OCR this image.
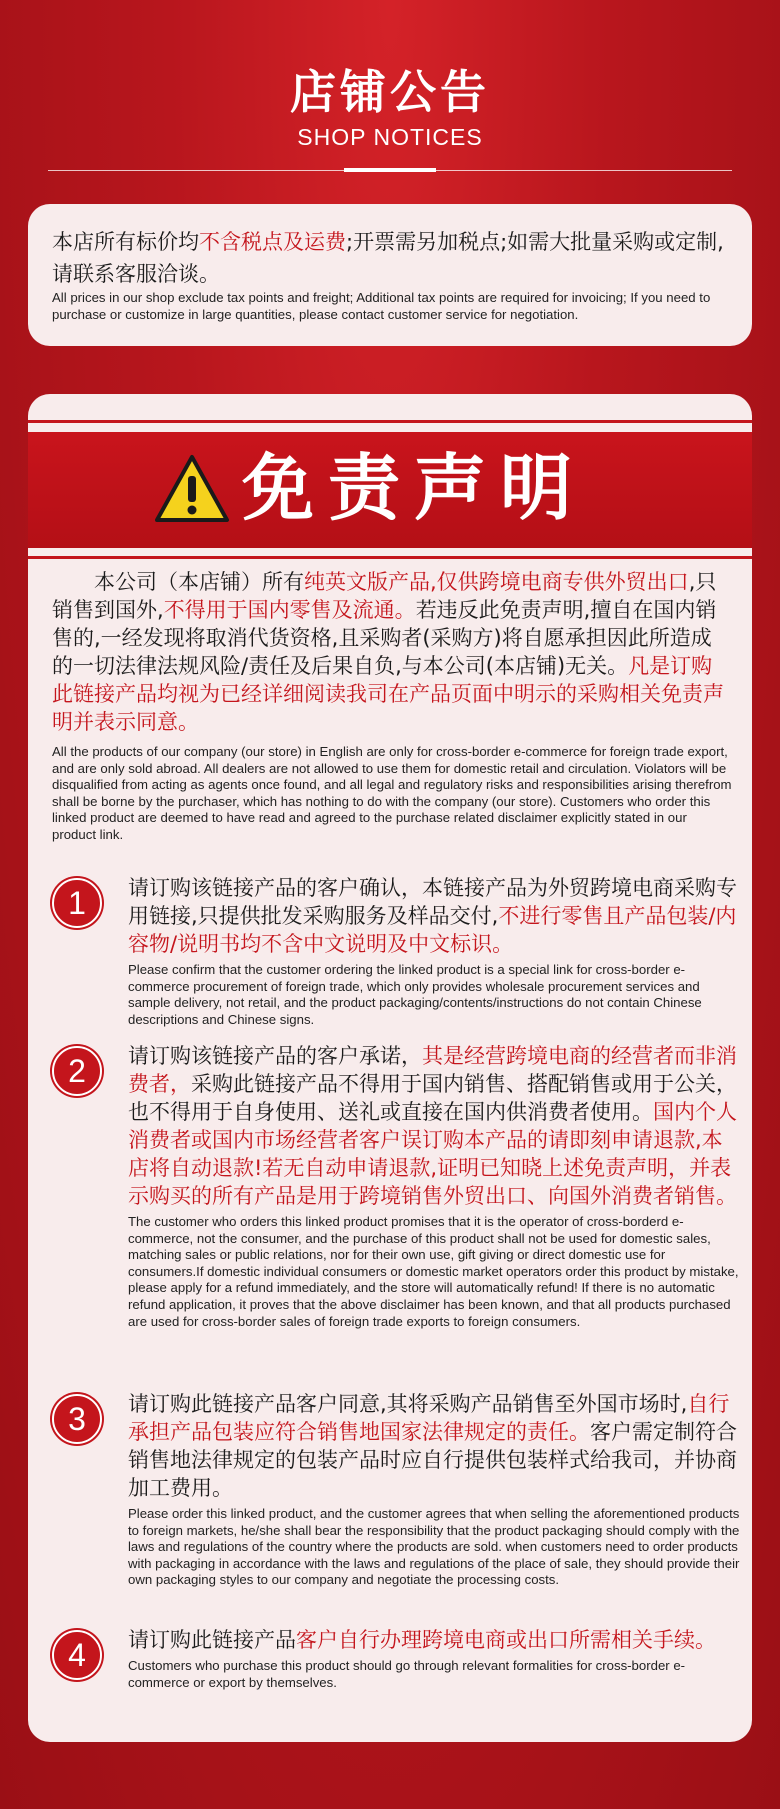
店铺公告
SHOP NOTICES
本店所有标价均不含税点及运费;开票需另加税点;如需大批量采购或定制,请联系客服洽谈。
All prices in our shop exclude tax points and freight; Additional tax points are required for invoicing; If you need to purchase or customize in large quantities, please contact customer service for negotiation.
免责声明
本公司（本店铺）所有纯英文版产品,仅供跨境电商专供外贸出口,只销售到国外,不得用于国内零售及流通。若违反此免责声明,擅自在国内销售的,一经发现将取消代货资格,且采购者(采购方)将自愿承担因此所造成的一切法律法规风险/责任及后果自负,与本公司(本店铺)无关。凡是订购此链接产品均视为已经详细阅读我司在产品页面中明示的采购相关免责声明并表示同意。
All the products of our company (our store) in English are only for cross-border e-commerce for foreign trade export, and are only sold abroad. All dealers are not allowed to use them for domestic retail and circulation. Violators will be disqualified from acting as agents once found, and all legal and regulatory risks and responsibilities arising therefrom shall be borne by the purchaser, which has nothing to do with the company (our store). Customers who order this linked product are deemed to have read and agreed to the purchase related disclaimer explicitly stated in our product link.
1	请订购该链接产品的客户确认，本链接产品为外贸跨境电商采购专用链接,只提供批发采购服务及样品交付,不进行零售且产品包装/内容物/说明书均不含中文说明及中文标识。
Please confirm that the customer ordering the linked product is a special link for cross-border e-commerce procurement of foreign trade, which only provides wholesale procurement services and sample delivery, not retail, and the product packaging/contents/instructions do not contain Chinese descriptions and Chinese signs.
2	请订购该链接产品的客户承诺，其是经营跨境电商的经营者而非消费者，采购此链接产品不得用于国内销售、搭配销售或用于公关，也不得用于自身使用、送礼或直接在国内供消费者使用。国内个人消费者或国内市场经营者客户误订购本产品的请即刻申请退款,本店将自动退款!若无自动申请退款,证明已知晓上述免责声明，并表示购买的所有产品是用于跨境销售外贸出口、向国外消费者销售。
The customer who orders this linked product promises that it is the operator of cross-borderd e-commerce, not the consumer, and the purchase of this product shall not be used for domestic sales, matching sales or public relations, nor for their own use, gift giving or direct domestic use for consumers.If domestic individual consumers or domestic market operators order this product by mistake, please apply for a refund immediately, and the store will automatically refund! If there is no automatic refund application, it proves that the above disclaimer has been known, and that all products purchased are used for cross-border sales of foreign trade exports to foreign consumers.
3	请订购此链接产品客户同意,其将采购产品销售至外国市场时,自行承担产品包装应符合销售地国家法律规定的责任。客户需定制符合销售地法律规定的包装产品时应自行提供包装样式给我司，并协商加工费用。
Please order this linked product, and the customer agrees that when selling the aforementioned products to foreign markets, he/she shall bear the responsibility that the product packaging should comply with the laws and regulations of the country where the products are sold. when customers need to order products with packaging in accordance with the laws and regulations of the place of sale, they should provide their own packaging styles to our company and negotiate the processing costs.
4	请订购此链接产品客户自行办理跨境电商或出口所需相关手续。
Customers who purchase this product should go through relevant formalities for cross-border e-commerce or export by themselves.
